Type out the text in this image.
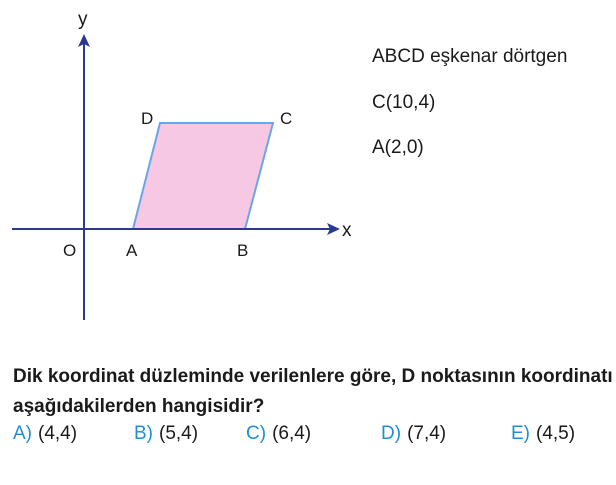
y
x
O	A	B
C
D
ABCD eşkenar dörtgen
C(10,4)
A(2,0)
Dik koordinat düzleminde verilenlere göre, D noktasının koordinatı aşağıdakilerden hangisidir?
A) (4,4)	B) (5,4)	C) (6,4)	D) (7,4)	E) (4,5)
